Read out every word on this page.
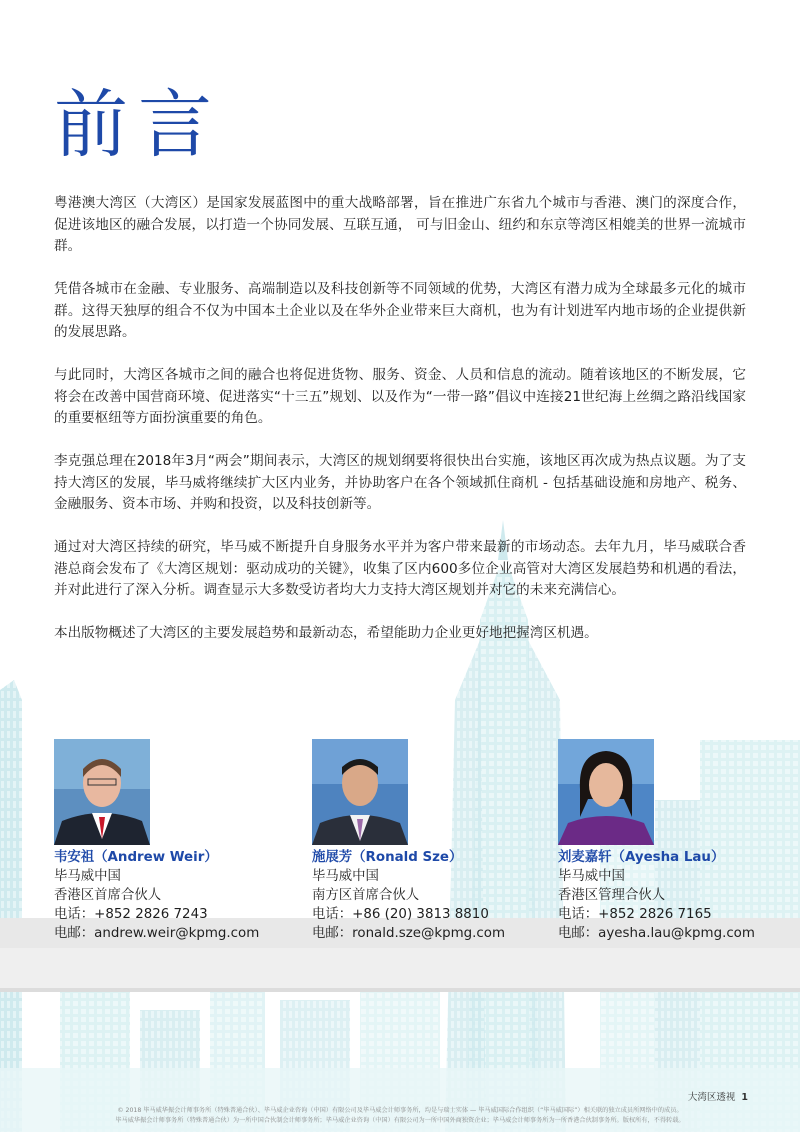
前言

粤港澳大湾区（大湾区）是国家发展蓝图中的重大战略部署，旨在推进广东省九个城市与香港、澳门的深度合作，促进该地区的融合发展，以打造一个协同发展、互联互通， 可与旧金山、纽约和东京等湾区相媲美的世界一流城市群。

凭借各城市在金融、专业服务、高端制造以及科技创新等不同领域的优势，大湾区有潜力成为全球最多元化的城市群。这得天独厚的组合不仅为中国本土企业以及在华外企业带来巨大商机，也为有计划进军内地市场的企业提供新的发展思路。

与此同时，大湾区各城市之间的融合也将促进货物、服务、资金、人员和信息的流动。随着该地区的不断发展，它将会在改善中国营商环境、促进落实“十三五”规划、以及作为“一带一路”倡议中连接21世纪海上丝绸之路沿线国家的重要枢纽等方面扮演重要的角色。

李克强总理在2018年3月“两会”期间表示，大湾区的规划纲要将很快出台实施，该地区再次成为热点议题。为了支持大湾区的发展，毕马威将继续扩大区内业务，并协助客户在各个领域抓住商机 - 包括基础设施和房地产、税务、金融服务、资本市场、并购和投资，以及科技创新等。

通过对大湾区持续的研究，毕马威不断提升自身服务水平并为客户带来最新的市场动态。去年九月，毕马威联合香港总商会发布了《大湾区规划：驱动成功的关键》，收集了区内600多位企业高管对大湾区发展趋势和机遇的看法，并对此进行了深入分析。调查显示大多数受访者均大力支持大湾区规划并对它的未来充满信心。

本出版物概述了大湾区的主要发展趋势和最新动态，希望能助力企业更好地把握湾区机遇。

韦安祖（Andrew Weir）
毕马威中国
香港区首席合伙人
电话：+852 2826 7243
电邮：andrew.weir@kpmg.com
施展芳（Ronald Sze）
毕马威中国
南方区首席合伙人
电话：+86 (20) 3813 8810
电邮：ronald.sze@kpmg.com
刘麦嘉轩（Ayesha Lau）
毕马威中国
香港区管理合伙人
电话：+852 2826 7165
电邮：ayesha.lau@kpmg.com
大湾区透视 1
© 2018 毕马威华振会计师事务所（特殊普通合伙）、毕马威企业咨询（中国）有限公司及毕马威会计师事务所，均是与瑞士实体 — 毕马威国际合作组织（“毕马威国际”）相关联的独立成员所网络中的成员。
毕马威华振会计师事务所（特殊普通合伙）为一所中国合伙制会计师事务所；毕马威企业咨询（中国）有限公司为一所中国外商独资企业；毕马威会计师事务所为一所香港合伙制事务所。版权所有，不得转载。
